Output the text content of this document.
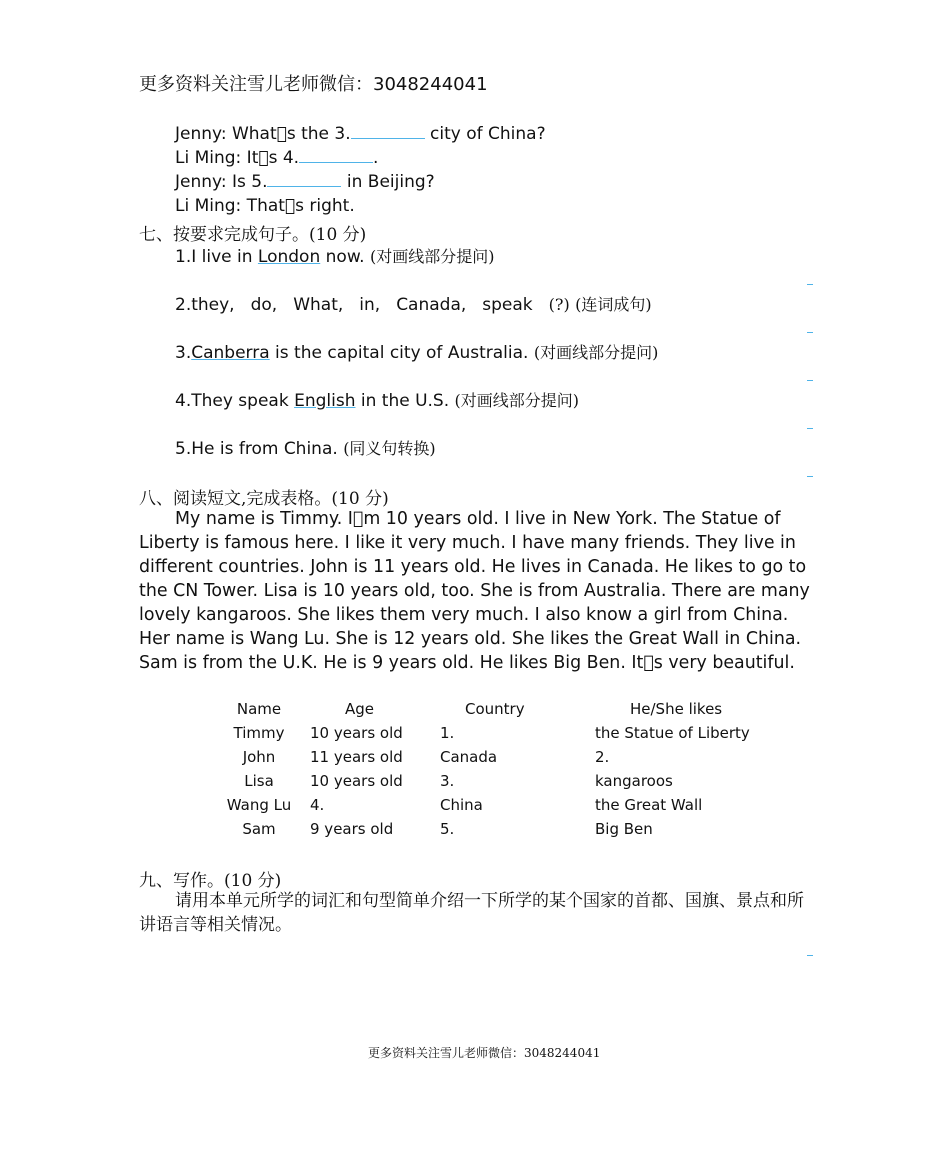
更多资料关注雪儿老师微信：3048244041
Jenny: What s the 3.	city of China?
Li Ming: It s 4.	.
Jenny: Is 5.	in Beijing?
Li Ming: That s right.
七、按要求完成句子。(10 分)
1.I live in London now. (对画线部分提问)
2.they, do, What, in, Canada, speak (?) (连词成句)
3.Canberra is the capital city of Australia. (对画线部分提问)
4.They speak English in the U.S. (对画线部分提问)
5.He is from China. (同义句转换)
八、阅读短文,完成表格。(10 分)
My name is Timmy. I m 10 years old. I live in New York. The Statue of Liberty is famous here. I like it very much. I have many friends. They live in different countries. John is 11 years old. He lives in Canada. He likes to go to the CN Tower. Lisa is 10 years old, too. She is from Australia. There are many lovely kangaroos. She likes them very much. I also know a girl from China. Her name is Wang Lu. She is 12 years old. She likes the Great Wall in China. Sam is from the U.K. He is 9 years old. He likes Big Ben. It s very beautiful.
Name	Age	Country	He/She likes
Timmy	10 years old	1.	the Statue of Liberty
John	11 years old	Canada	2.
Lisa	10 years old	3.	kangaroos
Wang Lu	4.	China	the Great Wall
Sam	9 years old	5.	Big Ben
九、写作。(10 分)
请用本单元所学的词汇和句型简单介绍一下所学的某个国家的首都、国旗、景点和所讲语言等相关情况。
更多资料关注雪儿老师微信：3048244041
